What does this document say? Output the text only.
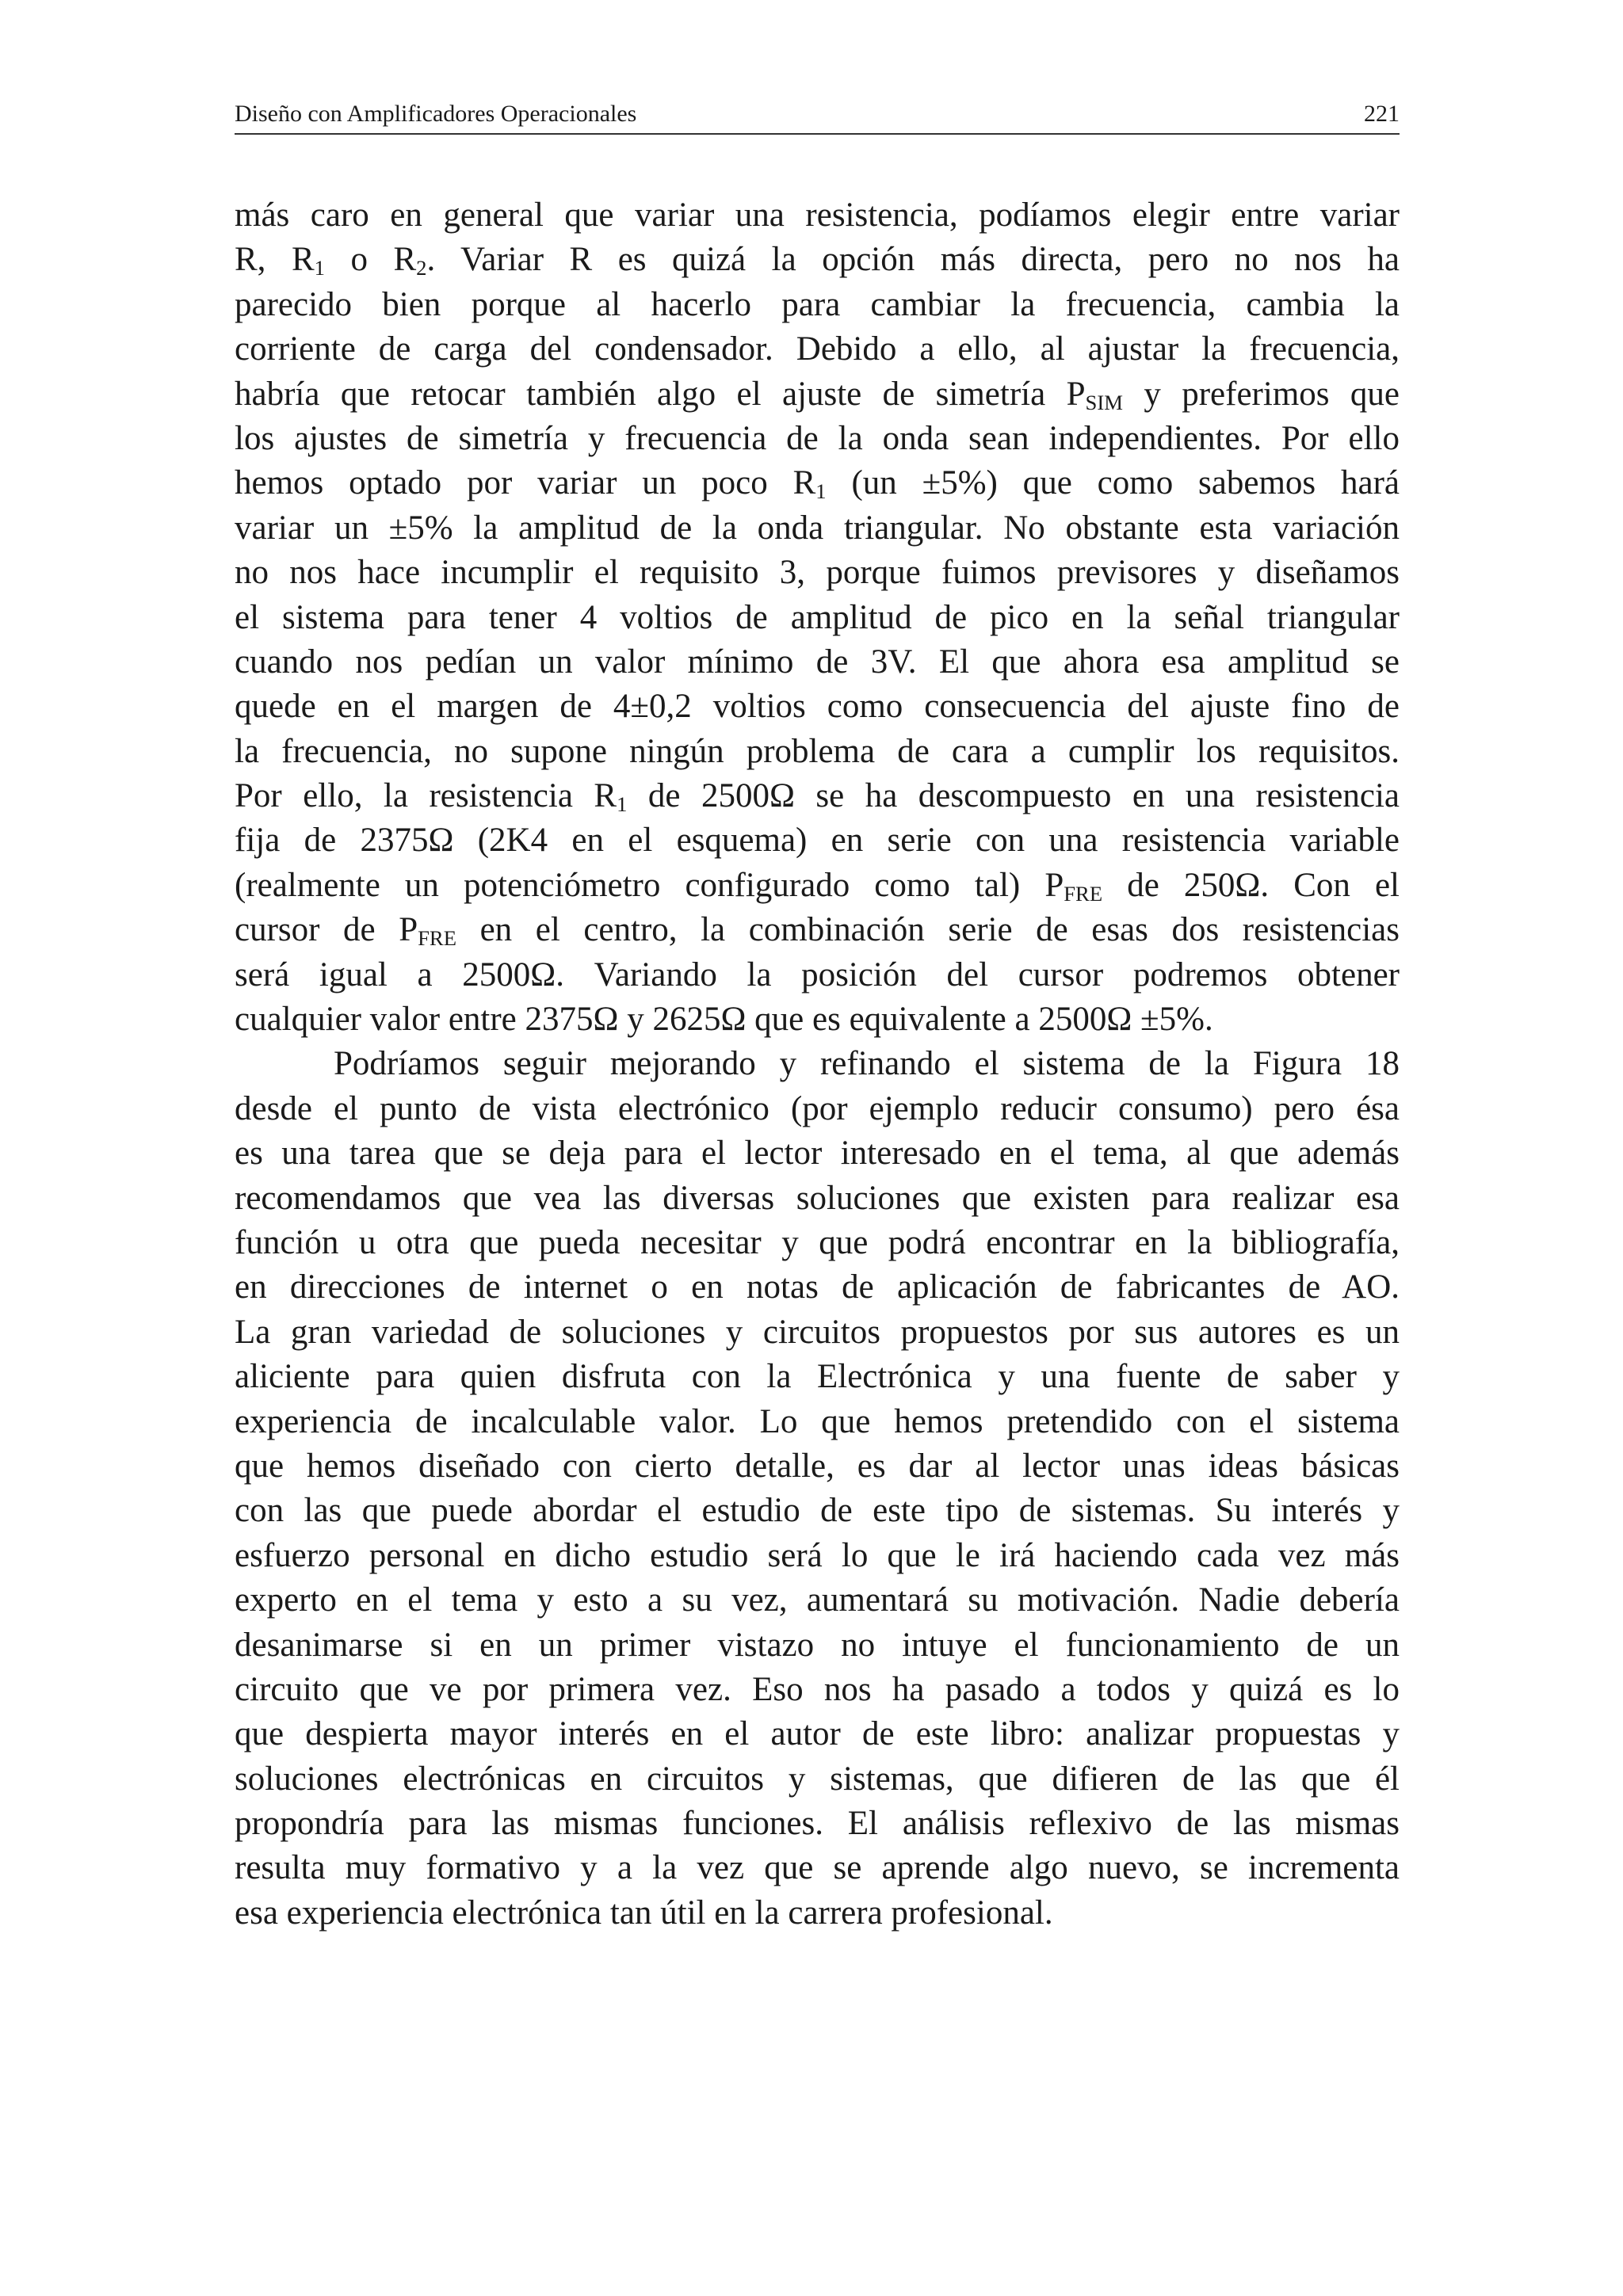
Diseño con Amplificadores Operacionales	221
más caro en general que variar una resistencia, podíamos elegir entre variar
R, $R_1$ o $R_2$. Variar R es quizá la opción más directa, pero no nos ha
parecido bien porque al hacerlo para cambiar la frecuencia, cambia la
corriente de carga del condensador. Debido a ello, al ajustar la frecuencia,
habría que retocar también algo el ajuste de simetría $P_{SIM}$ y preferimos que
los ajustes de simetría y frecuencia de la onda sean independientes. Por ello
hemos optado por variar un poco $R_1$ (un ±5%) que como sabemos hará
variar un ±5% la amplitud de la onda triangular. No obstante esta variación
no nos hace incumplir el requisito 3, porque fuimos previsores y diseñamos
el sistema para tener 4 voltios de amplitud de pico en la señal triangular
cuando nos pedían un valor mínimo de 3V. El que ahora esa amplitud se
quede en el margen de 4±0,2 voltios como consecuencia del ajuste fino de
la frecuencia, no supone ningún problema de cara a cumplir los requisitos.
Por ello, la resistencia $R_1$ de 2500Ω se ha descompuesto en una resistencia
fija de 2375Ω (2K4 en el esquema) en serie con una resistencia variable
(realmente un potenciómetro configurado como tal) $P_{FRE}$ de 250Ω. Con el
cursor de $P_{FRE}$ en el centro, la combinación serie de esas dos resistencias
será igual a 2500Ω. Variando la posición del cursor podremos obtener
cualquier valor entre 2375Ω y 2625Ω que es equivalente a 2500Ω ±5%.
Podríamos seguir mejorando y refinando el sistema de la Figura 18
desde el punto de vista electrónico (por ejemplo reducir consumo) pero ésa
es una tarea que se deja para el lector interesado en el tema, al que además
recomendamos que vea las diversas soluciones que existen para realizar esa
función u otra que pueda necesitar y que podrá encontrar en la bibliografía,
en direcciones de internet o en notas de aplicación de fabricantes de AO.
La gran variedad de soluciones y circuitos propuestos por sus autores es un
aliciente para quien disfruta con la Electrónica y una fuente de saber y
experiencia de incalculable valor. Lo que hemos pretendido con el sistema
que hemos diseñado con cierto detalle, es dar al lector unas ideas básicas
con las que puede abordar el estudio de este tipo de sistemas. Su interés y
esfuerzo personal en dicho estudio será lo que le irá haciendo cada vez más
experto en el tema y esto a su vez, aumentará su motivación. Nadie debería
desanimarse si en un primer vistazo no intuye el funcionamiento de un
circuito que ve por primera vez. Eso nos ha pasado a todos y quizá es lo
que despierta mayor interés en el autor de este libro: analizar propuestas y
soluciones electrónicas en circuitos y sistemas, que difieren de las que él
propondría para las mismas funciones. El análisis reflexivo de las mismas
resulta muy formativo y a la vez que se aprende algo nuevo, se incrementa
esa experiencia electrónica tan útil en la carrera profesional.
